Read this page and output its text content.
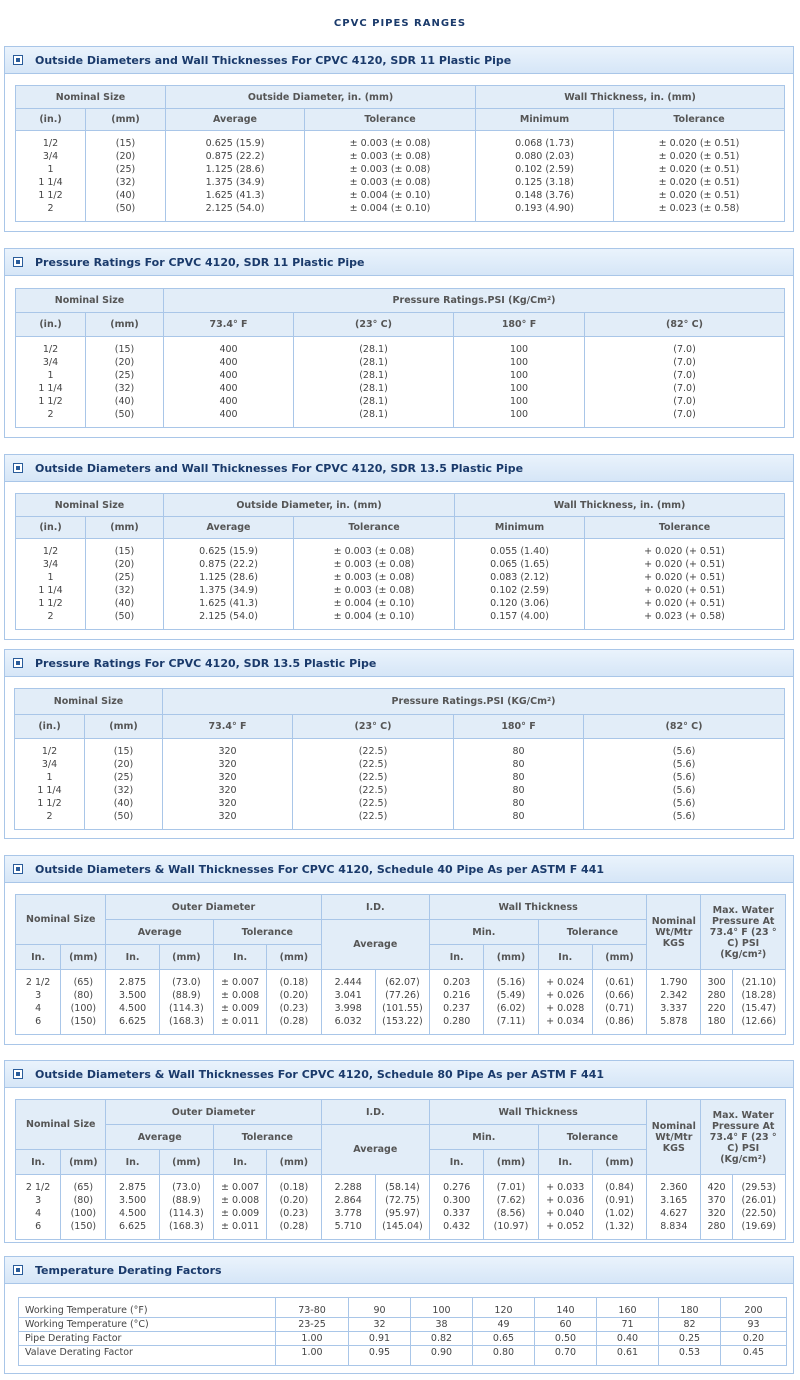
CPVC PIPES RANGES
Outside Diameters and Wall Thicknesses For CPVC 4120, SDR 11 Plastic Pipe
Nominal Size		Outside Diameter, in. (mm)		Wall Thickness, in. (mm)	
(in.)	(mm)	Average	Tolerance	Minimum	Tolerance
1/2	(15)	0.625 (15.9)	± 0.003 (± 0.08)	0.068 (1.73)	± 0.020 (± 0.51)
3/4	(20)	0.875 (22.2)	± 0.003 (± 0.08)	0.080 (2.03)	± 0.020 (± 0.51)
1	(25)	1.125 (28.6)	± 0.003 (± 0.08)	0.102 (2.59)	± 0.020 (± 0.51)
1 1/4	(32)	1.375 (34.9)	± 0.003 (± 0.08)	0.125 (3.18)	± 0.020 (± 0.51)
1 1/2	(40)	1.625 (41.3)	± 0.004 (± 0.10)	0.148 (3.76)	± 0.020 (± 0.51)
2	(50)	2.125 (54.0)	± 0.004 (± 0.10)	0.193 (4.90)	± 0.023 (± 0.58)
Pressure Ratings For CPVC 4120, SDR 11 Plastic Pipe
Nominal Size		Pressure Ratings.PSI (Kg/Cm²)			
(in.)	(mm)	73.4° F	(23° C)	180° F	(82° C)
1/2	(15)	400	(28.1)	100	(7.0)
3/4	(20)	400	(28.1)	100	(7.0)
1	(25)	400	(28.1)	100	(7.0)
1 1/4	(32)	400	(28.1)	100	(7.0)
1 1/2	(40)	400	(28.1)	100	(7.0)
2	(50)	400	(28.1)	100	(7.0)
Outside Diameters and Wall Thicknesses For CPVC 4120, SDR 13.5 Plastic Pipe
Nominal Size		Outside Diameter, in. (mm)		Wall Thickness, in. (mm)	
(in.)	(mm)	Average	Tolerance	Minimum	Tolerance
1/2	(15)	0.625 (15.9)	± 0.003 (± 0.08)	0.055 (1.40)	+ 0.020 (+ 0.51)
3/4	(20)	0.875 (22.2)	± 0.003 (± 0.08)	0.065 (1.65)	+ 0.020 (+ 0.51)
1	(25)	1.125 (28.6)	± 0.003 (± 0.08)	0.083 (2.12)	+ 0.020 (+ 0.51)
1 1/4	(32)	1.375 (34.9)	± 0.003 (± 0.08)	0.102 (2.59)	+ 0.020 (+ 0.51)
1 1/2	(40)	1.625 (41.3)	± 0.004 (± 0.10)	0.120 (3.06)	+ 0.020 (+ 0.51)
2	(50)	2.125 (54.0)	± 0.004 (± 0.10)	0.157 (4.00)	+ 0.023 (+ 0.58)
Pressure Ratings For CPVC 4120, SDR 13.5 Plastic Pipe
Nominal Size		Pressure Ratings.PSI (KG/Cm²)			
(in.)	(mm)	73.4° F	(23° C)	180° F	(82° C)
1/2	(15)	320	(22.5)	80	(5.6)
3/4	(20)	320	(22.5)	80	(5.6)
1	(25)	320	(22.5)	80	(5.6)
1 1/4	(32)	320	(22.5)	80	(5.6)
1 1/2	(40)	320	(22.5)	80	(5.6)
2	(50)	320	(22.5)	80	(5.6)
Outside Diameters & Wall Thicknesses For CPVC 4120, Schedule 40 Pipe As per ASTM F 441
Nominal Size		Outer Diameter				I.D.		Wall Thickness				Nominal Wt/Mtr KGS	Max. Water Pressure At 73.4° F (23 ° C) PSI (Kg/cm²)	
		Average		Tolerance		Average		Min.		Tolerance				
In.	(mm)	In.	(mm)	In.	(mm)			In.	(mm)	In.	(mm)			
2 1/2	(65)	2.875	(73.0)	± 0.007	(0.18)	2.444	(62.07)	0.203	(5.16)	+ 0.024	(0.61)	1.790	300	(21.10)
3	(80)	3.500	(88.9)	± 0.008	(0.20)	3.041	(77.26)	0.216	(5.49)	+ 0.026	(0.66)	2.342	280	(18.28)
4	(100)	4.500	(114.3)	± 0.009	(0.23)	3.998	(101.55)	0.237	(6.02)	+ 0.028	(0.71)	3.337	220	(15.47)
6	(150)	6.625	(168.3)	± 0.011	(0.28)	6.032	(153.22)	0.280	(7.11)	+ 0.034	(0.86)	5.878	180	(12.66)
Outside Diameters & Wall Thicknesses For CPVC 4120, Schedule 80 Pipe As per ASTM F 441
Nominal Size		Outer Diameter				I.D.		Wall Thickness				Nominal Wt/Mtr KGS	Max. Water Pressure At 73.4° F (23 ° C) PSI (Kg/cm²)	
		Average		Tolerance		Average		Min.		Tolerance				
In.	(mm)	In.	(mm)	In.	(mm)			In.	(mm)	In.	(mm)			
2 1/2	(65)	2.875	(73.0)	± 0.007	(0.18)	2.288	(58.14)	0.276	(7.01)	+ 0.033	(0.84)	2.360	420	(29.53)
3	(80)	3.500	(88.9)	± 0.008	(0.20)	2.864	(72.75)	0.300	(7.62)	+ 0.036	(0.91)	3.165	370	(26.01)
4	(100)	4.500	(114.3)	± 0.009	(0.23)	3.778	(95.97)	0.337	(8.56)	+ 0.040	(1.02)	4.627	320	(22.50)
6	(150)	6.625	(168.3)	± 0.011	(0.28)	5.710	(145.04)	0.432	(10.97)	+ 0.052	(1.32)	8.834	280	(19.69)
Temperature Derating Factors
Working Temperature (°F)	73-80	90	100	120	140	160	180	200
Working Temperature (°C)	23-25	32	38	49	60	71	82	93
Pipe Derating Factor	1.00	0.91	0.82	0.65	0.50	0.40	0.25	0.20
Valave Derating Factor	1.00	0.95	0.90	0.80	0.70	0.61	0.53	0.45
